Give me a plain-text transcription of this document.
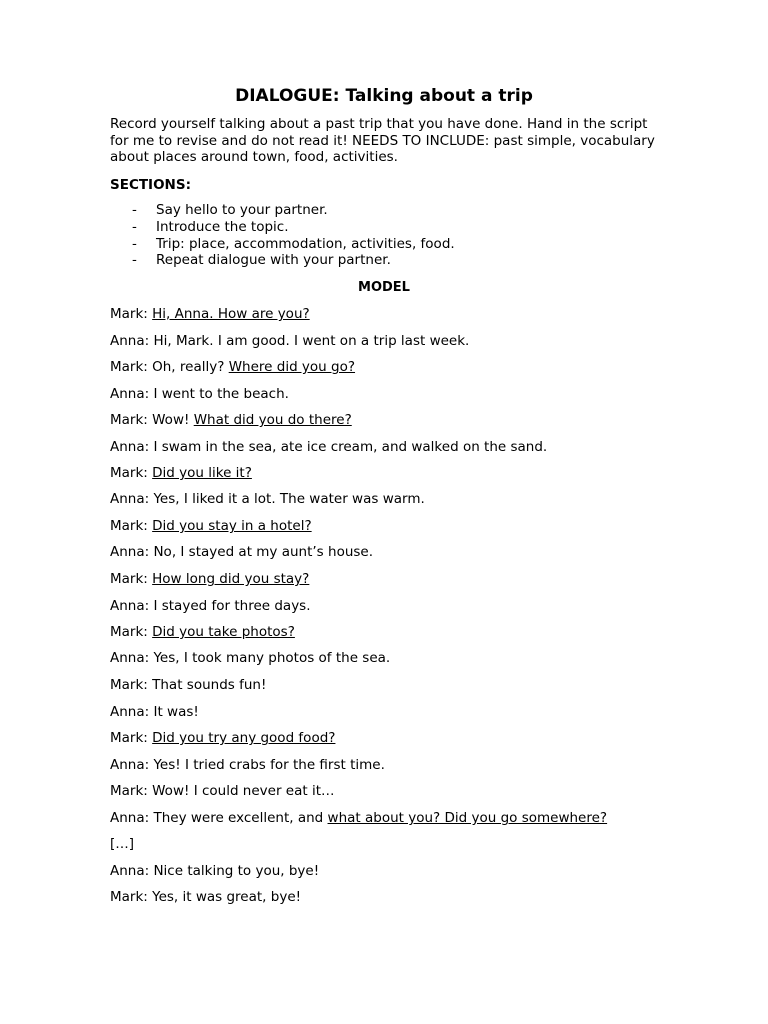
DIALOGUE: Talking about a trip
Record yourself talking about a past trip that you have done. Hand in the script for me to revise and do not read it! NEEDS TO INCLUDE: past simple, vocabulary about places around town, food, activities.
SECTIONS:
- Say hello to your partner.
- Introduce the topic.
- Trip: place, accommodation, activities, food.
- Repeat dialogue with your partner.
MODEL
Mark: Hi, Anna. How are you?
Anna: Hi, Mark. I am good. I went on a trip last week.
Mark: Oh, really? Where did you go?
Anna: I went to the beach.
Mark: Wow! What did you do there?
Anna: I swam in the sea, ate ice cream, and walked on the sand.
Mark: Did you like it?
Anna: Yes, I liked it a lot. The water was warm.
Mark: Did you stay in a hotel?
Anna: No, I stayed at my aunt’s house.
Mark: How long did you stay?
Anna: I stayed for three days.
Mark: Did you take photos?
Anna: Yes, I took many photos of the sea.
Mark: That sounds fun!
Anna: It was!
Mark: Did you try any good food?
Anna: Yes! I tried crabs for the first time.
Mark: Wow! I could never eat it…
Anna: They were excellent, and what about you? Did you go somewhere?
[…]
Anna: Nice talking to you, bye!
Mark: Yes, it was great, bye!
